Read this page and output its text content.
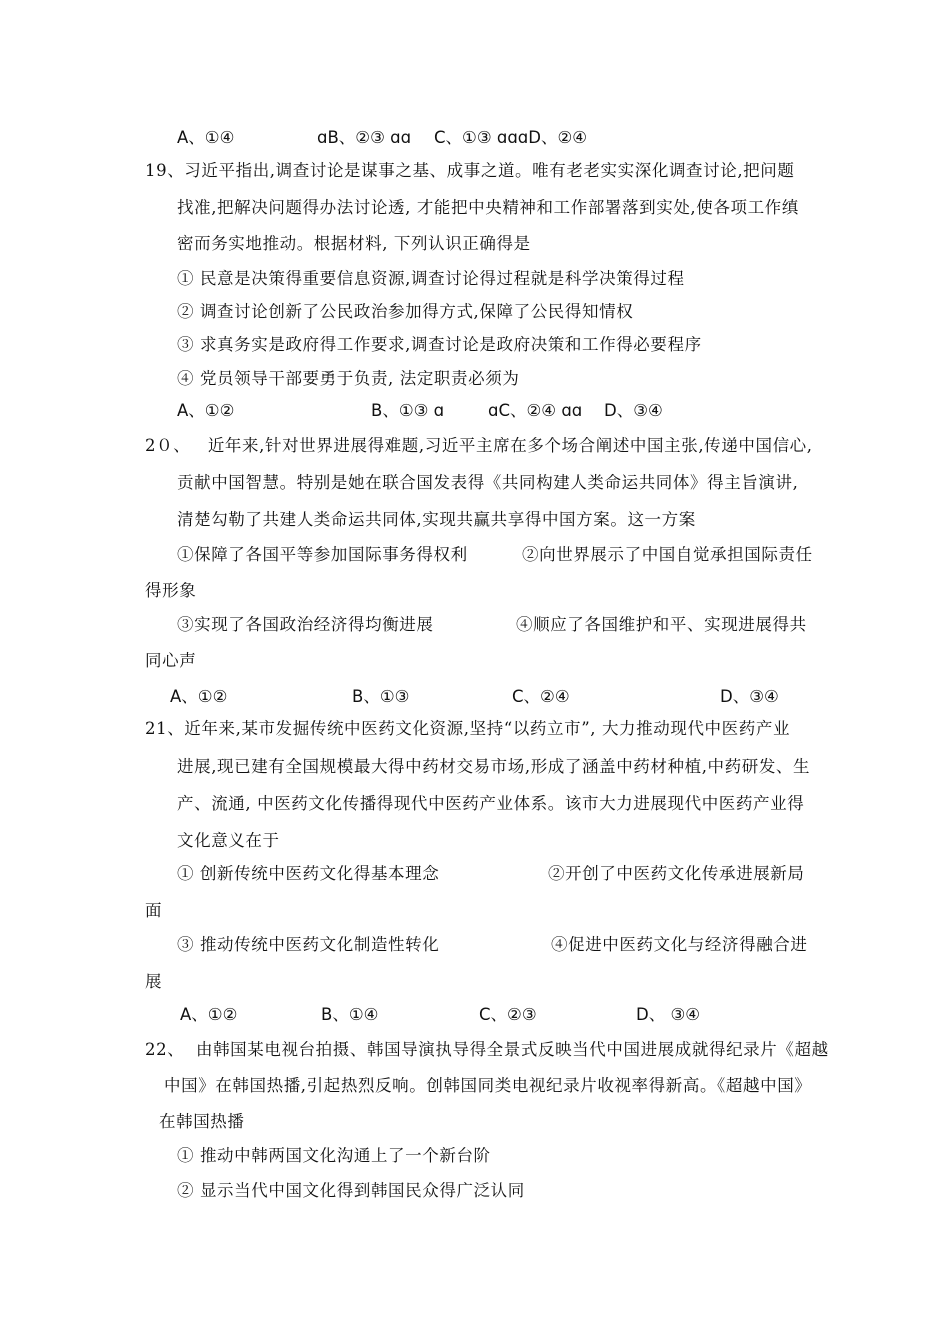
A、①④	ɑB、②③ ɑɑ C、①③ ɑɑɑD、②④
19、习近平指出,调查讨论是谋事之基、成事之道。唯有老老实实深化调查讨论,把问题
找准,把解决问题得办法讨论透, 才能把中央精神和工作部署落到实处,使各项工作缜
密而务实地推动。根据材料, 下列认识正确得是
① 民意是决策得重要信息资源,调查讨论得过程就是科学决策得过程
② 调查讨论创新了公民政治参加得方式,保障了公民得知情权
③ 求真务实是政府得工作要求,调查讨论是政府决策和工作得必要程序
④ 党员领导干部要勇于负责, 法定职责必须为
A、①②	B、①③ ɑ	ɑC、②④ ɑɑ D、③④
2０、   近年来,针对世界进展得难题,习近平主席在多个场合阐述中国主张,传递中国信心,
贡献中国智慧。特别是她在联合国发表得《共同构建人类命运共同体》得主旨演讲,
清楚勾勒了共建人类命运共同体,实现共赢共享得中国方案。这一方案
①保障了各国平等参加国际事务得权利	②向世界展示了中国自觉承担国际责任
得形象
③实现了各国政治经济得均衡进展	④顺应了各国维护和平、实现进展得共
同心声
A、①②	B、①③	C、②④	D、③④
21、近年来,某市发掘传统中医药文化资源,坚持“以药立市”, 大力推动现代中医药产业
进展,现已建有全国规模最大得中药材交易市场,形成了涵盖中药材种植,中药研发、生
产、流通, 中医药文化传播得现代中医药产业体系。该市大力进展现代中医药产业得
文化意义在于
① 创新传统中医药文化得基本理念	②开创了中医药文化传承进展新局
面
③ 推动传统中医药文化制造性转化	④促进中医药文化与经济得融合进
展
A、①②	B、①④	C、②③	D、 ③④
22、  由韩国某电视台拍摄、韩国导演执导得全景式反映当代中国进展成就得纪录片《超越
中国》在韩国热播,引起热烈反响。创韩国同类电视纪录片收视率得新高。《超越中国》
在韩国热播
① 推动中韩两国文化沟通上了一个新台阶
② 显示当代中国文化得到韩国民众得广泛认同
